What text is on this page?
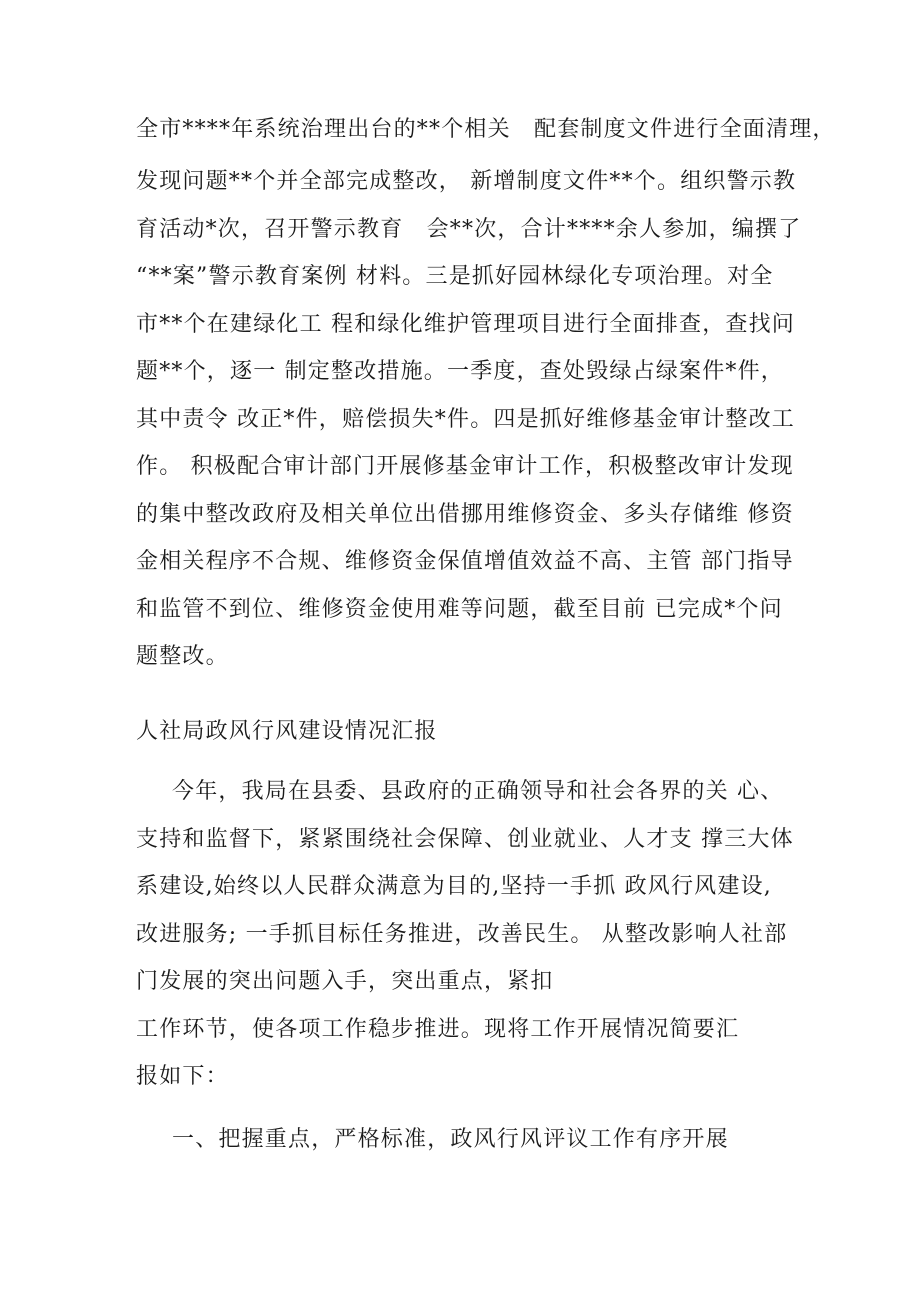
全市****年系统治理出台的**个相关　配套制度文件进行全面清理，
发现问题**个并全部完成整改， 新增制度文件**个。组织警示教
育活动*次，召开警示教育　会**次，合计****余人参加，编撰了
“**案”警示教育案例 材料。三是抓好园林绿化专项治理。对全
市**个在建绿化工 程和绿化维护管理项目进行全面排查，查找问
题**个，逐一 制定整改措施。一季度，查处毁绿占绿案件*件，
其中责令 改正*件，赔偿损失*件。四是抓好维修基金审计整改工
作。 积极配合审计部门开展修基金审计工作，积极整改审计发现
的集中整改政府及相关单位出借挪用维修资金、多头存储维 修资
金相关程序不合规、维修资金保值增值效益不高、主管 部门指导
和监管不到位、维修资金使用难等问题，截至目前 已完成*个问
题整改。
人社局政风行风建设情况汇报
今年，我局在县委、县政府的正确领导和社会各界的关 心、
支持和监督下，紧紧围绕社会保障、创业就业、人才支 撑三大体
系建设,始终以人民群众满意为目的,坚持一手抓 政风行风建设,
改进服务; 一手抓目标任务推进，改善民生。 从整改影响人社部
门发展的突出问题入手，突出重点，紧扣
工作环节，使各项工作稳步推进。现将工作开展情况简要汇
报如下：
一、把握重点，严格标准，政风行风评议工作有序开展
